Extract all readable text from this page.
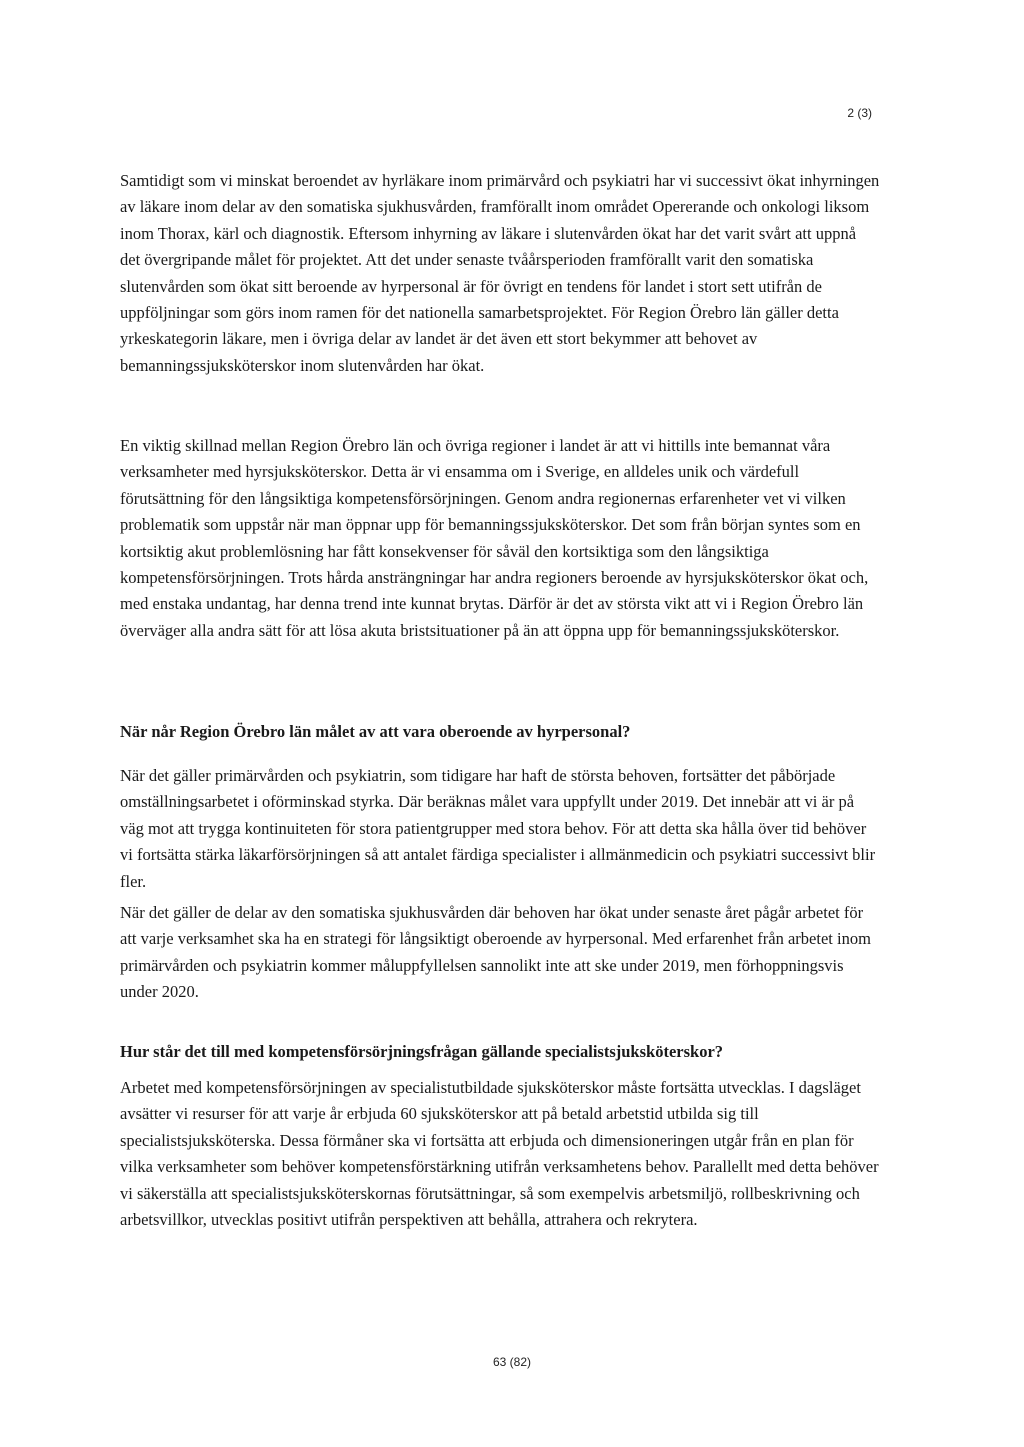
2 (3)

Samtidigt som vi minskat beroendet av hyrläkare inom primärvård och psykiatri har vi successivt ökat inhyrningen av läkare inom delar av den somatiska sjukhusvården, framförallt inom området Opererande och onkologi liksom inom Thorax, kärl och diagnostik. Eftersom inhyrning av läkare i slutenvården ökat har det varit svårt att uppnå det övergripande målet för projektet. Att det under senaste tvåårsperioden framförallt varit den somatiska slutenvården som ökat sitt beroende av hyrpersonal är för övrigt en tendens för landet i stort sett utifrån de uppföljningar som görs inom ramen för det nationella samarbetsprojektet. För Region Örebro län gäller detta yrkeskategorin läkare, men i övriga delar av landet är det även ett stort bekymmer att behovet av bemanningssjuksköterskor inom slutenvården har ökat.

En viktig skillnad mellan Region Örebro län och övriga regioner i landet är att vi hittills inte bemannat våra verksamheter med hyrsjuksköterskor. Detta är vi ensamma om i Sverige, en alldeles unik och värdefull förutsättning för den långsiktiga kompetensförsörjningen. Genom andra regionernas erfarenheter vet vi vilken problematik som uppstår när man öppnar upp för bemanningssjuksköterskor. Det som från början syntes som en kortsiktig akut problemlösning har fått konsekvenser för såväl den kortsiktiga som den långsiktiga kompetensförsörjningen. Trots hårda ansträngningar har andra regioners beroende av hyrsjuksköterskor ökat och, med enstaka undantag, har denna trend inte kunnat brytas. Därför är det av största vikt att vi i Region Örebro län överväger alla andra sätt för att lösa akuta bristsituationer på än att öppna upp för bemanningssjuksköterskor.

När når Region Örebro län målet av att vara oberoende av hyrpersonal?

När det gäller primärvården och psykiatrin, som tidigare har haft de största behoven, fortsätter det påbörjade omställningsarbetet i oförminskad styrka. Där beräknas målet vara uppfyllt under 2019. Det innebär att vi är på väg mot att trygga kontinuiteten för stora patientgrupper med stora behov. För att detta ska hålla över tid behöver vi fortsätta stärka läkarförsörjningen så att antalet färdiga specialister i allmänmedicin och psykiatri successivt blir fler.

När det gäller de delar av den somatiska sjukhusvården där behoven har ökat under senaste året pågår arbetet för att varje verksamhet ska ha en strategi för långsiktigt oberoende av hyrpersonal. Med erfarenhet från arbetet inom primärvården och psykiatrin kommer måluppfyllelsen sannolikt inte att ske under 2019, men förhoppningsvis under 2020.

Hur står det till med kompetensförsörjningsfrågan gällande specialistsjuksköterskor?

Arbetet med kompetensförsörjningen av specialistutbildade sjuksköterskor måste fortsätta utvecklas. I dagsläget avsätter vi resurser för att varje år erbjuda 60 sjuksköterskor att på betald arbetstid utbilda sig till specialistsjuksköterska. Dessa förmåner ska vi fortsätta att erbjuda och dimensioneringen utgår från en plan för vilka verksamheter som behöver kompetensförstärkning utifrån verksamhetens behov. Parallellt med detta behöver vi säkerställa att specialistsjuksköterskornas förutsättningar, så som exempelvis arbetsmiljö, rollbeskrivning och arbetsvillkor, utvecklas positivt utifrån perspektiven att behålla, attrahera och rekrytera.

63 (82)
